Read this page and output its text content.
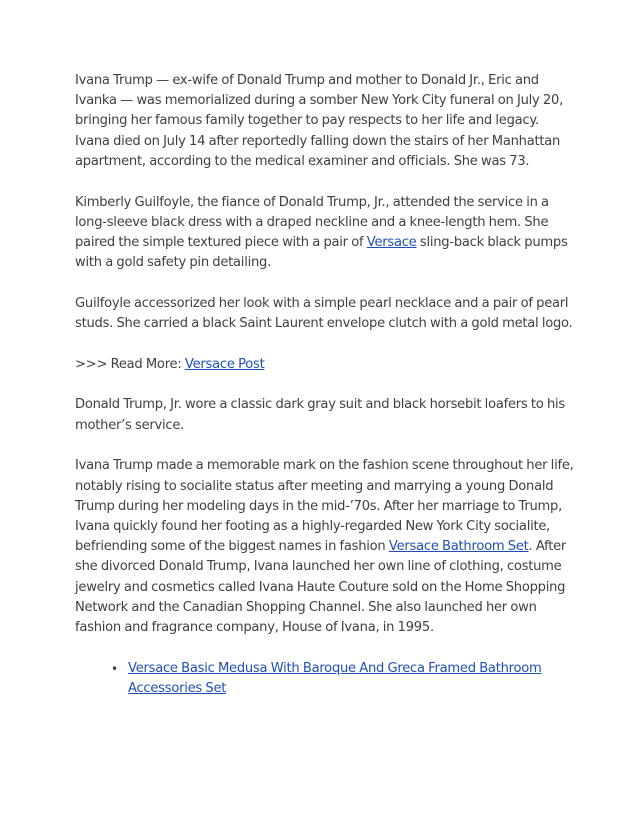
Ivana Trump — ex-wife of Donald Trump and mother to Donald Jr., Eric and Ivanka — was memorialized during a somber New York City funeral on July 20, bringing her famous family together to pay respects to her life and legacy. Ivana died on July 14 after reportedly falling down the stairs of her Manhattan apartment, according to the medical examiner and officials. She was 73.

Kimberly Guilfoyle, the fiance of Donald Trump, Jr., attended the service in a long-sleeve black dress with a draped neckline and a knee-length hem. She paired the simple textured piece with a pair of Versace sling-back black pumps with a gold safety pin detailing.

Guilfoyle accessorized her look with a simple pearl necklace and a pair of pearl studs. She carried a black Saint Laurent envelope clutch with a gold metal logo.

>>> Read More: Versace Post

Donald Trump, Jr. wore a classic dark gray suit and black horsebit loafers to his mother’s service.

Ivana Trump made a memorable mark on the fashion scene throughout her life, notably rising to socialite status after meeting and marrying a young Donald Trump during her modeling days in the mid-’70s. After her marriage to Trump, Ivana quickly found her footing as a highly-regarded New York City socialite, befriending some of the biggest names in fashion Versace Bathroom Set. After she divorced Donald Trump, Ivana launched her own line of clothing, costume jewelry and cosmetics called Ivana Haute Couture sold on the Home Shopping Network and the Canadian Shopping Channel. She also launched her own fashion and fragrance company, House of Ivana, in 1995.

• Versace Basic Medusa With Baroque And Greca Framed Bathroom Accessories Set
